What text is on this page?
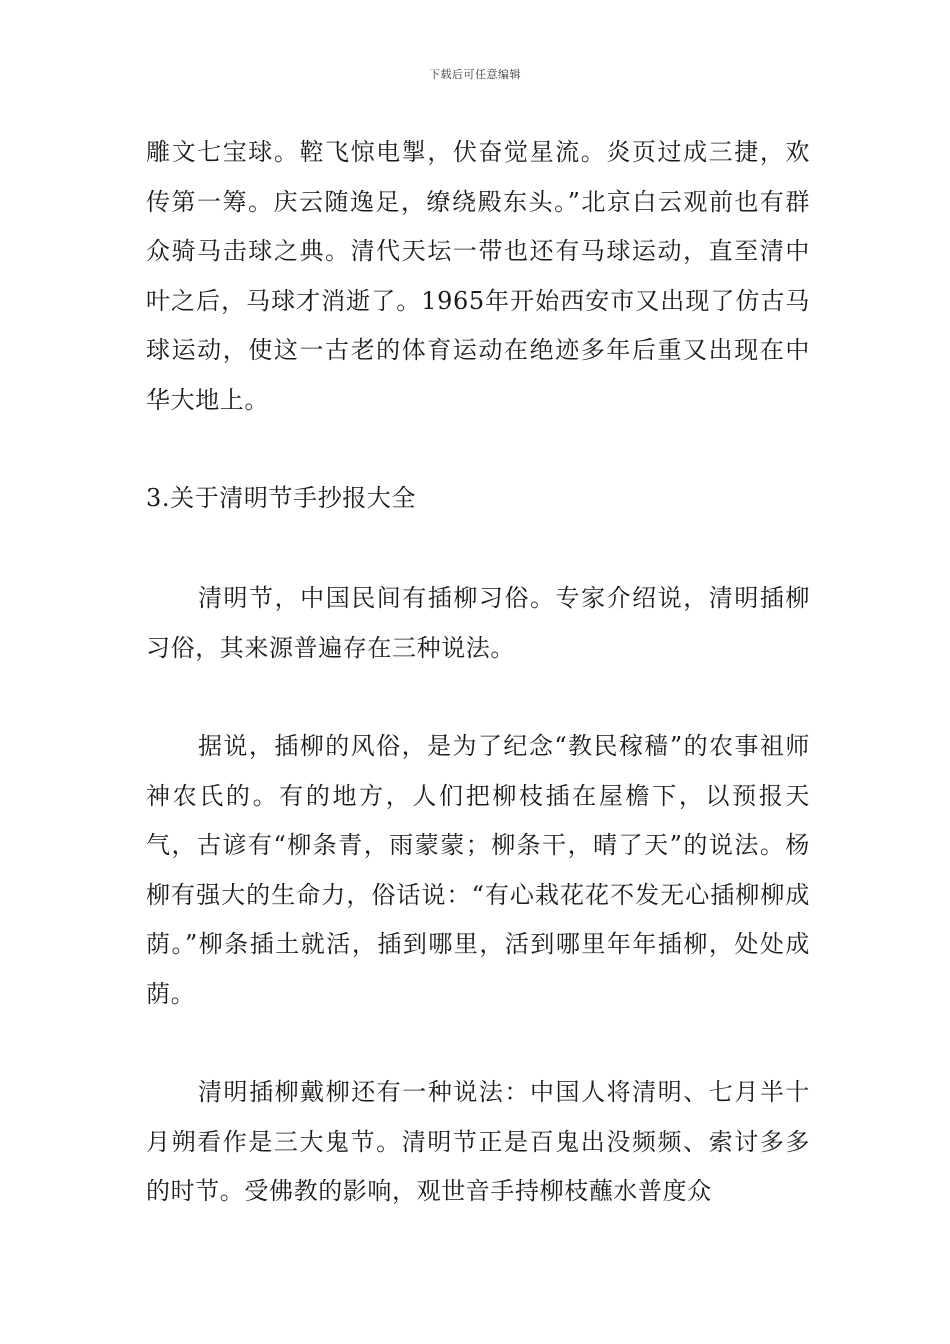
下载后可任意编辑

雕文七宝球。鞚飞惊电掣，伏奋觉星流。炎页过成三捷，欢传第一筹。庆云随逸足，缭绕殿东头。”北京白云观前也有群众骑马击球之典。清代天坛一带也还有马球运动，直至清中叶之后，马球才消逝了。1965年开始西安市又出现了仿古马球运动，使这一古老的体育运动在绝迹多年后重又出现在中华大地上。

3.关于清明节手抄报大全

清明节，中国民间有插柳习俗。专家介绍说，清明插柳习俗，其来源普遍存在三种说法。

据说，插柳的风俗，是为了纪念“教民稼穑”的农事祖师神农氏的。有的地方，人们把柳枝插在屋檐下，以预报天气，古谚有“柳条青，雨蒙蒙；柳条干，晴了天”的说法。杨柳有强大的生命力，俗话说：“有心栽花花不发无心插柳柳成荫。”柳条插土就活，插到哪里，活到哪里年年插柳，处处成荫。

清明插柳戴柳还有一种说法：中国人将清明、七月半十月朔看作是三大鬼节。清明节正是百鬼出没频频、索讨多多的时节。受佛教的影响，观世音手持柳枝蘸水普度众
